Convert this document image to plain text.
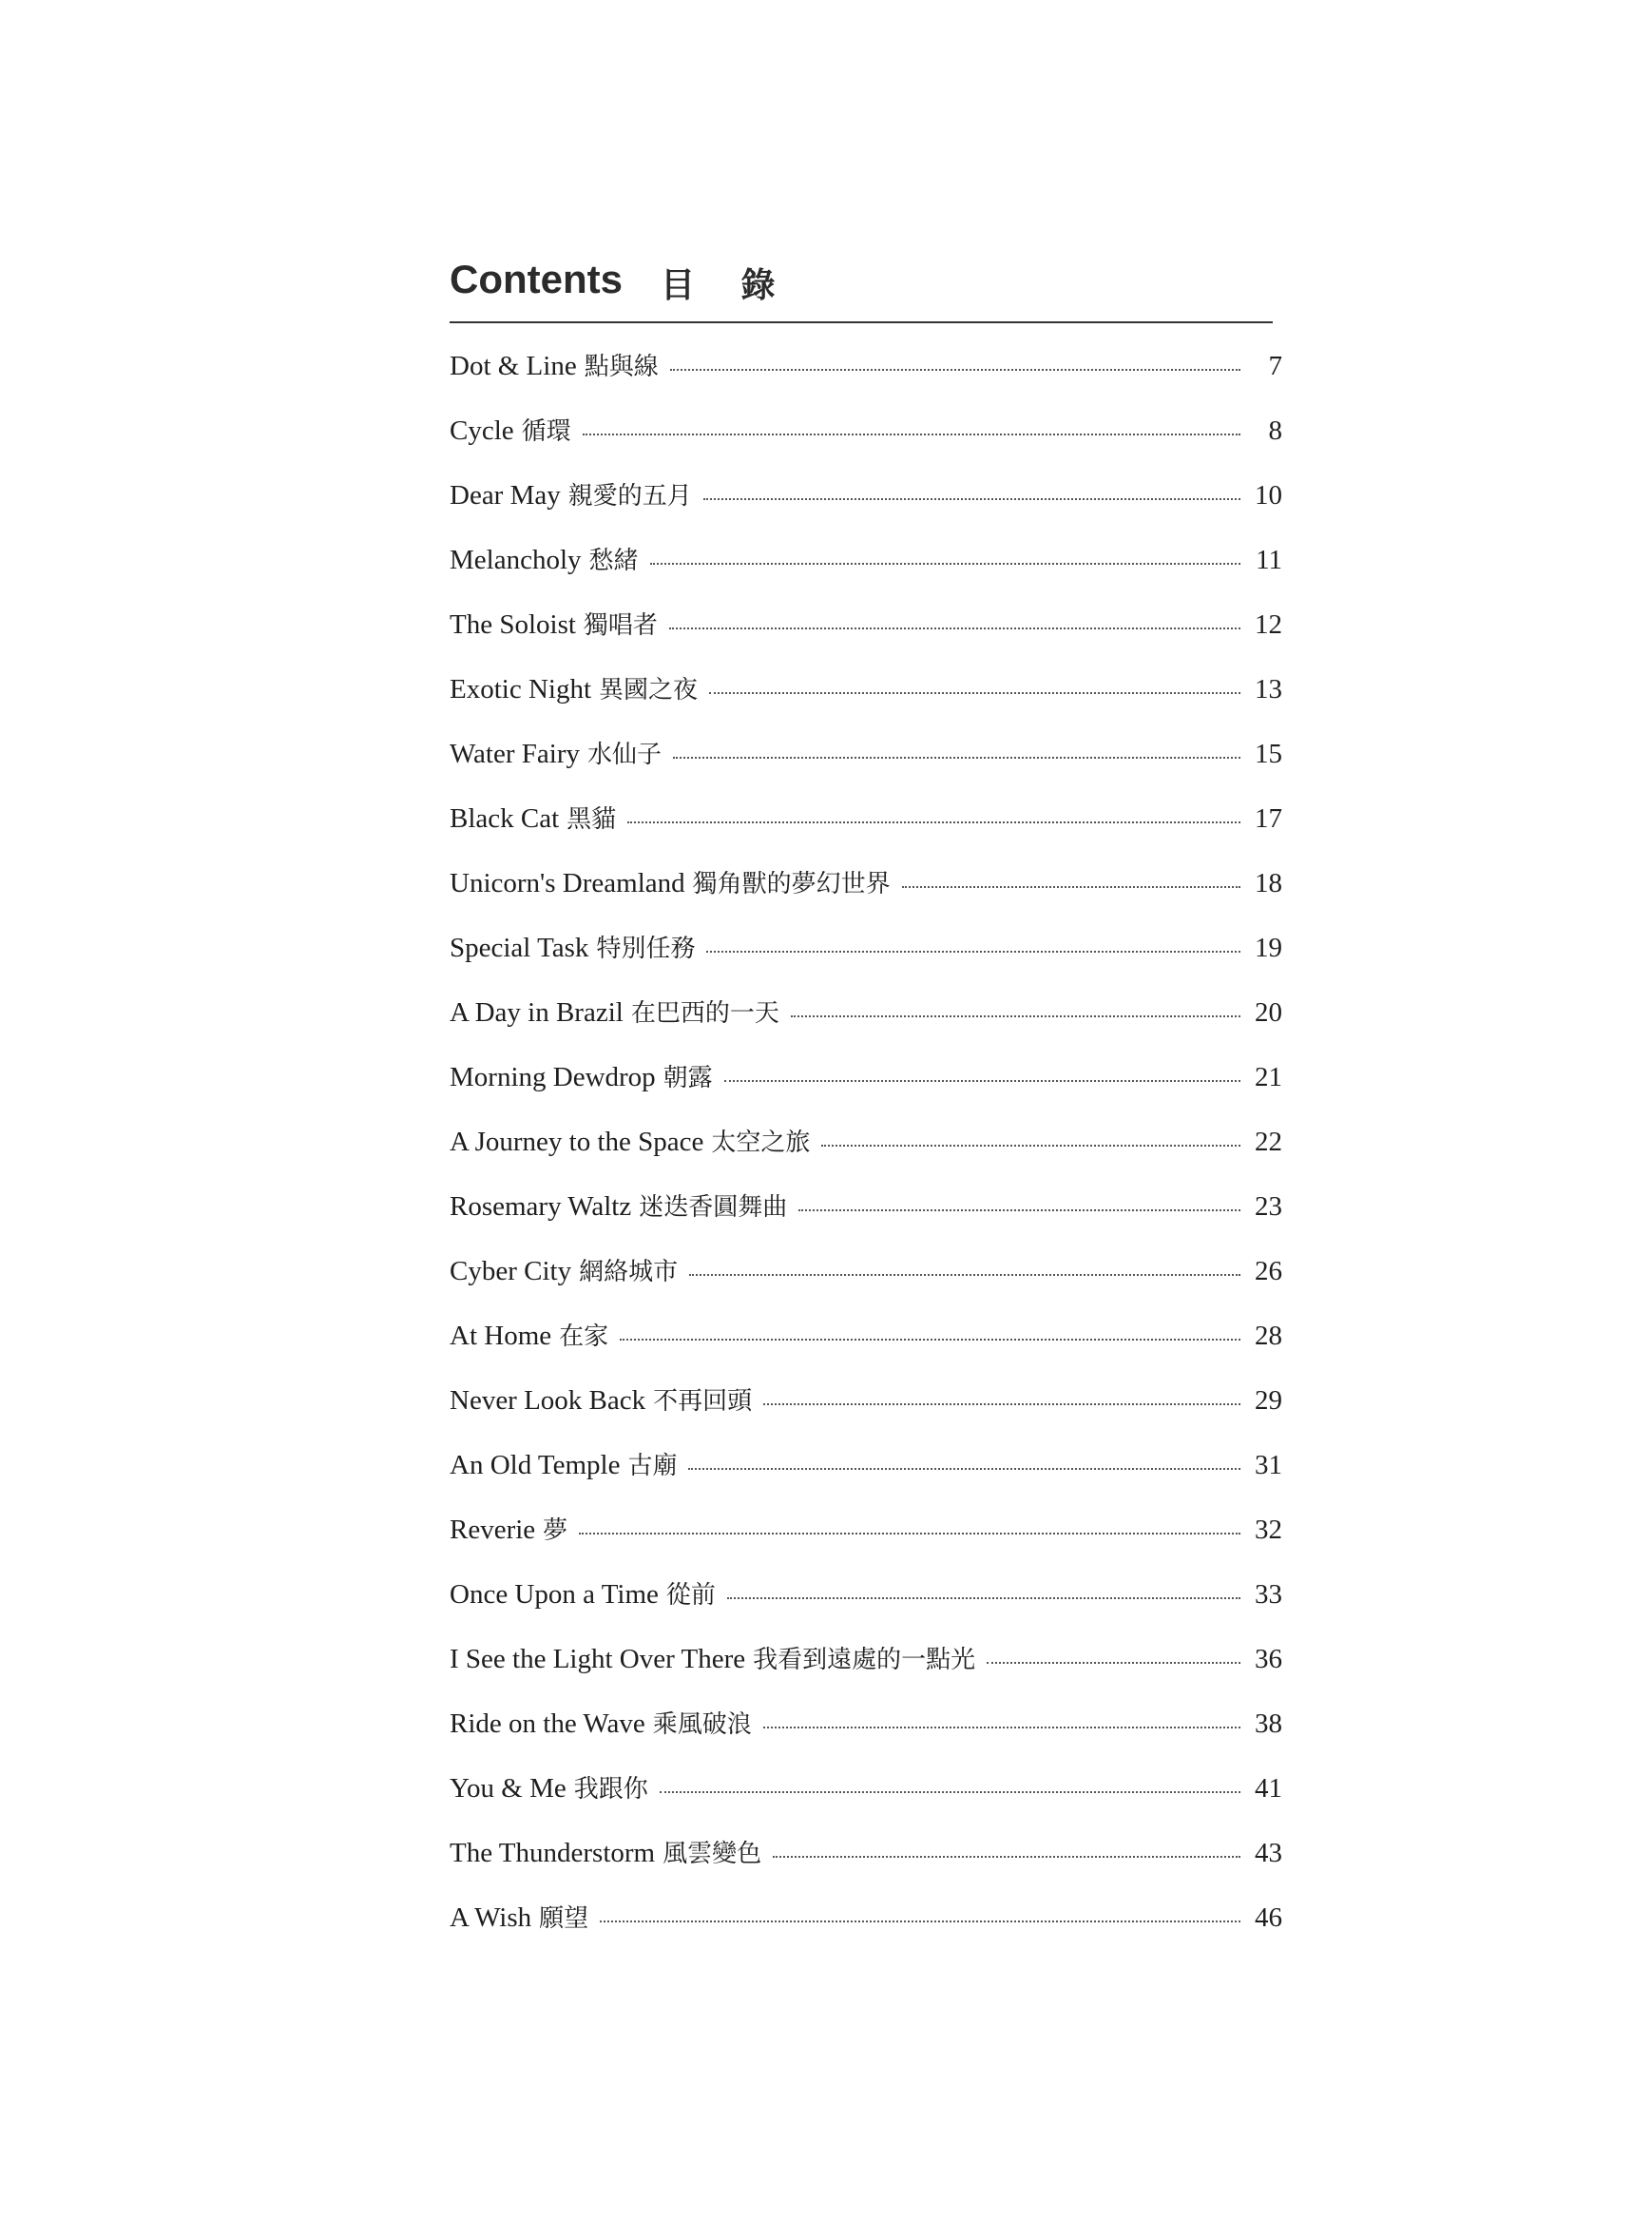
Contents 目 錄
Dot & Line 點與線	7
Cycle 循環	8
Dear May 親愛的五月	10
Melancholy 愁緒	11
The Soloist 獨唱者	12
Exotic Night 異國之夜	13
Water Fairy 水仙子	15
Black Cat 黑貓	17
Unicorn's Dreamland 獨角獸的夢幻世界	18
Special Task 特別任務	19
A Day in Brazil 在巴西的一天	20
Morning Dewdrop 朝露	21
A Journey to the Space 太空之旅	22
Rosemary Waltz 迷迭香圓舞曲	23
Cyber City 網絡城市	26
At Home 在家	28
Never Look Back 不再回頭	29
An Old Temple 古廟	31
Reverie 夢	32
Once Upon a Time 從前	33
I See the Light Over There 我看到遠處的一點光	36
Ride on the Wave 乘風破浪	38
You & Me 我跟你	41
The Thunderstorm 風雲變色	43
A Wish 願望	46
